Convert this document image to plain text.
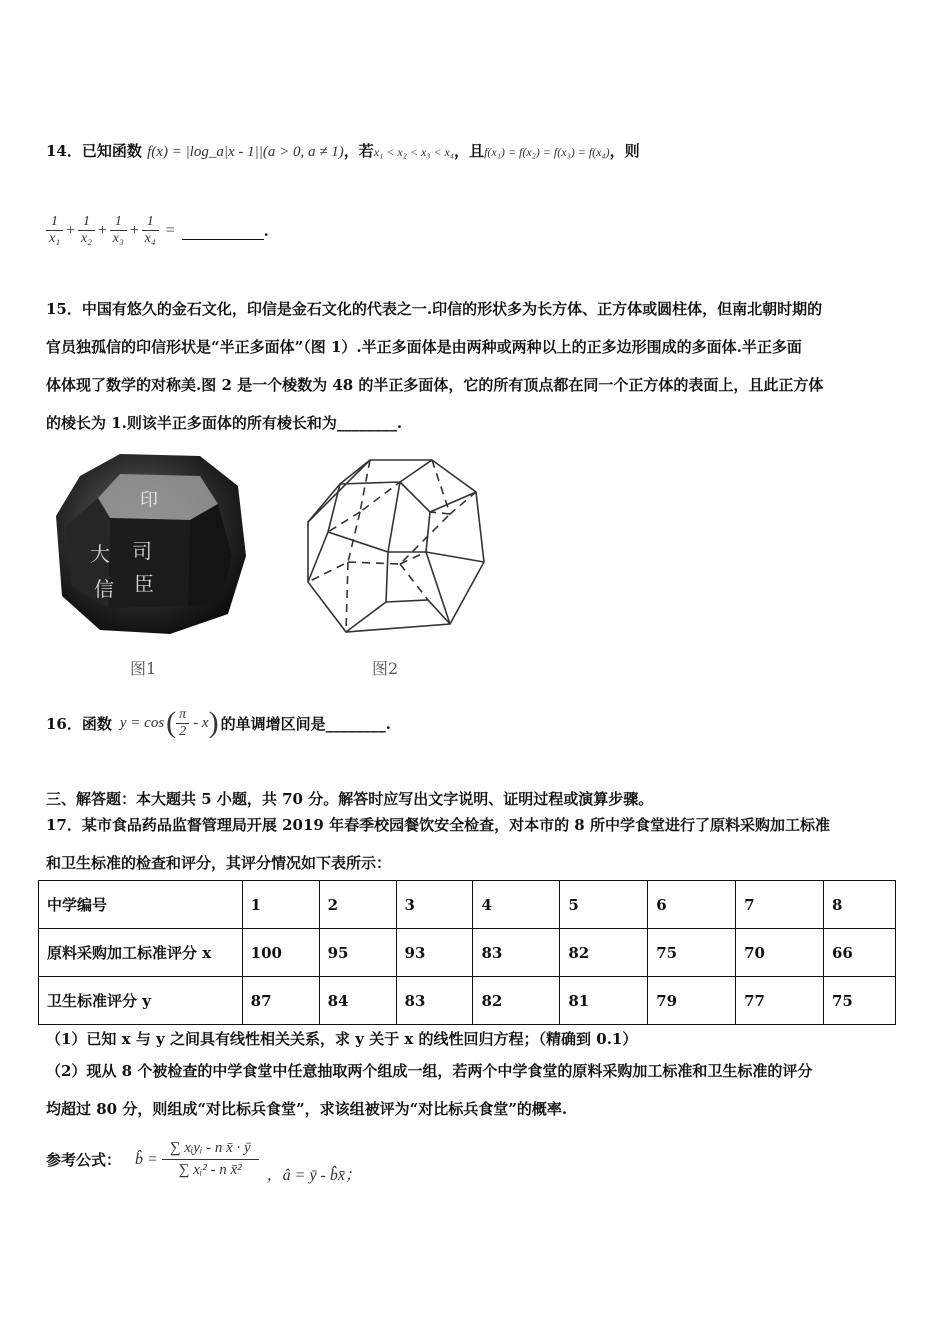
14．已知函数 f(x) = |log_a|x - 1||(a > 0, a ≠ 1)，若x₁ < x₂ < x₃ < x₄，且f(x₁) = f(x₂) = f(x₃) = f(x₄)，则
$\frac{1}{\text{x₁}} + \frac{1}{\text{x₂}} + \frac{1}{\text{x₃}} + \frac{1}{\text{x₄}}$ =	.
15．中国有悠久的金石文化，印信是金石文化的代表之一.印信的形状多为长方体、正方体或圆柱体，但南北朝时期的
官员独孤信的印信形状是“半正多面体”（图 1）.半正多面体是由两种或两种以上的正多边形围成的多面体.半正多面
体体现了数学的对称美.图 2 是一个棱数为 48 的半正多面体，它的所有顶点都在同一个正方体的表面上，且此正方体
的棱长为 1.则该半正多面体的所有棱长和为________.
大 司
信 臣
印
图1	图2
16． 函数 y = cos ( $\frac{\pi}{2}$ - x ) 的单调增区间是________.
三、解答题：本大题共 5 小题，共 70 分。解答时应写出文字说明、证明过程或演算步骤。
17．某市食品药品监督管理局开展 2019 年春季校园餐饮安全检查，对本市的 8 所中学食堂进行了原料采购加工标准
和卫生标准的检查和评分，其评分情况如下表所示：
中学编号	1	2	3	4	5	6	7	8
原料采购加工标准评分 x	100	95	93	83	82	75	70	66
卫生标准评分 y	87	84	83	82	81	79	77	75
（1）已知 x 与 y 之间具有线性相关关系，求 y 关于 x 的线性回归方程；（精确到 0.1）
（2）现从 8 个被检查的中学食堂中任意抽取两个组成一组，若两个中学食堂的原料采购加工标准和卫生标准的评分
均超过 80 分，则组成“对比标兵食堂”，求该组被评为“对比标兵食堂”的概率.
参考公式： b̂ = $\frac{\text{∑ xᵢyᵢ - n x̄ · ȳ}}{\text{∑ xᵢ² - n x̄²}}$ ，â = ȳ - b̂x̄；
